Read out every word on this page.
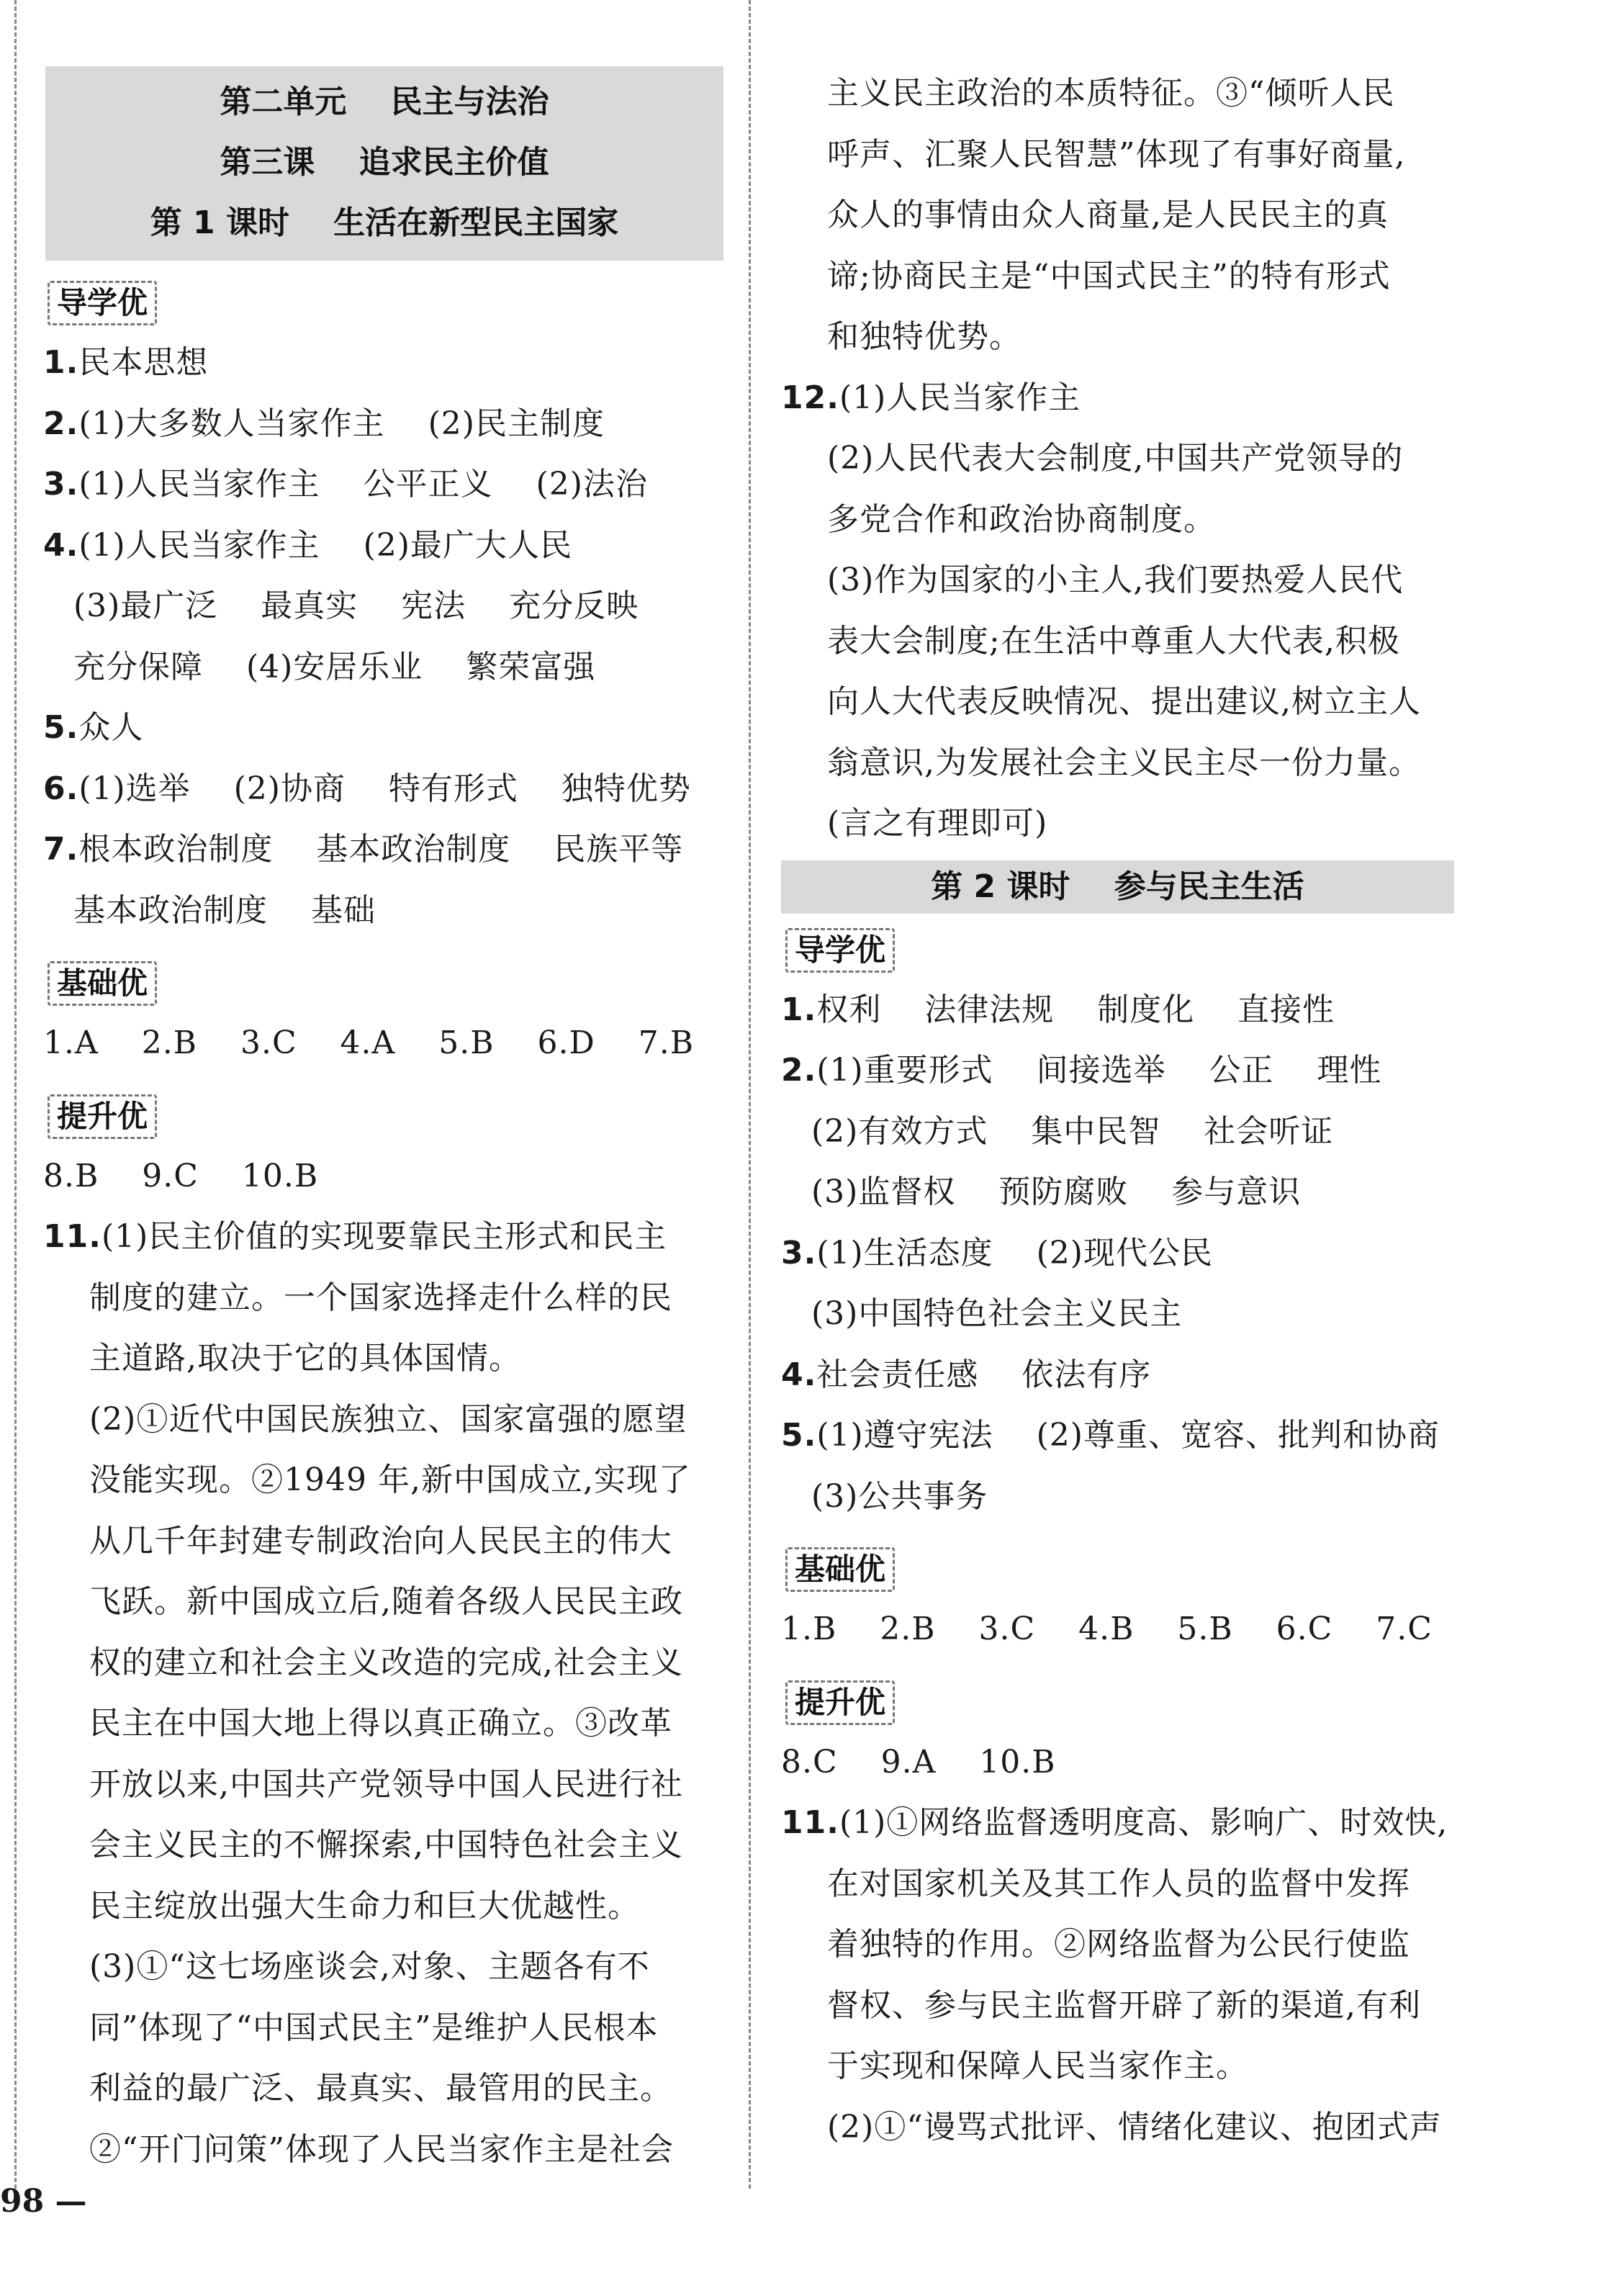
第二单元    民主与法治
第三课    追求民主价值
第 1 课时    生活在新型民主国家
导学优
1.民本思想
2.(1)大多数人当家作主    (2)民主制度
3.(1)人民当家作主    公平正义    (2)法治
4.(1)人民当家作主    (2)最广大人民
(3)最广泛    最真实    宪法    充分反映
充分保障    (4)安居乐业    繁荣富强
5.众人
6.(1)选举    (2)协商    特有形式    独特优势
7.根本政治制度    基本政治制度    民族平等
基本政治制度    基础
基础优
1.A    2.B    3.C    4.A    5.B    6.D    7.B
提升优
8.B    9.C    10.B
11.(1)民主价值的实现要靠民主形式和民主
制度的建立。一个国家选择走什么样的民
主道路,取决于它的具体国情。
(2)①近代中国民族独立、国家富强的愿望
没能实现。②1949 年,新中国成立,实现了
从几千年封建专制政治向人民民主的伟大
飞跃。新中国成立后,随着各级人民民主政
权的建立和社会主义改造的完成,社会主义
民主在中国大地上得以真正确立。③改革
开放以来,中国共产党领导中国人民进行社
会主义民主的不懈探索,中国特色社会主义
民主绽放出强大生命力和巨大优越性。
(3)①“这七场座谈会,对象、主题各有不
同”体现了“中国式民主”是维护人民根本
利益的最广泛、最真实、最管用的民主。
②“开门问策”体现了人民当家作主是社会
主义民主政治的本质特征。③“倾听人民
呼声、汇聚人民智慧”体现了有事好商量,
众人的事情由众人商量,是人民民主的真
谛;协商民主是“中国式民主”的特有形式
和独特优势。
12.(1)人民当家作主
(2)人民代表大会制度,中国共产党领导的
多党合作和政治协商制度。
(3)作为国家的小主人,我们要热爱人民代
表大会制度;在生活中尊重人大代表,积极
向人大代表反映情况、提出建议,树立主人
翁意识,为发展社会主义民主尽一份力量。
(言之有理即可)
第 2 课时    参与民主生活
导学优
1.权利    法律法规    制度化    直接性
2.(1)重要形式    间接选举    公正    理性
(2)有效方式    集中民智    社会听证
(3)监督权    预防腐败    参与意识
3.(1)生活态度    (2)现代公民
(3)中国特色社会主义民主
4.社会责任感    依法有序
5.(1)遵守宪法    (2)尊重、宽容、批判和协商
(3)公共事务
基础优
1.B    2.B    3.C    4.B    5.B    6.C    7.C
提升优
8.C    9.A    10.B
11.(1)①网络监督透明度高、影响广、时效快,
在对国家机关及其工作人员的监督中发挥
着独特的作用。②网络监督为公民行使监
督权、参与民主监督开辟了新的渠道,有利
于实现和保障人民当家作主。
(2)①“谩骂式批评、情绪化建议、抱团式声
98 —
